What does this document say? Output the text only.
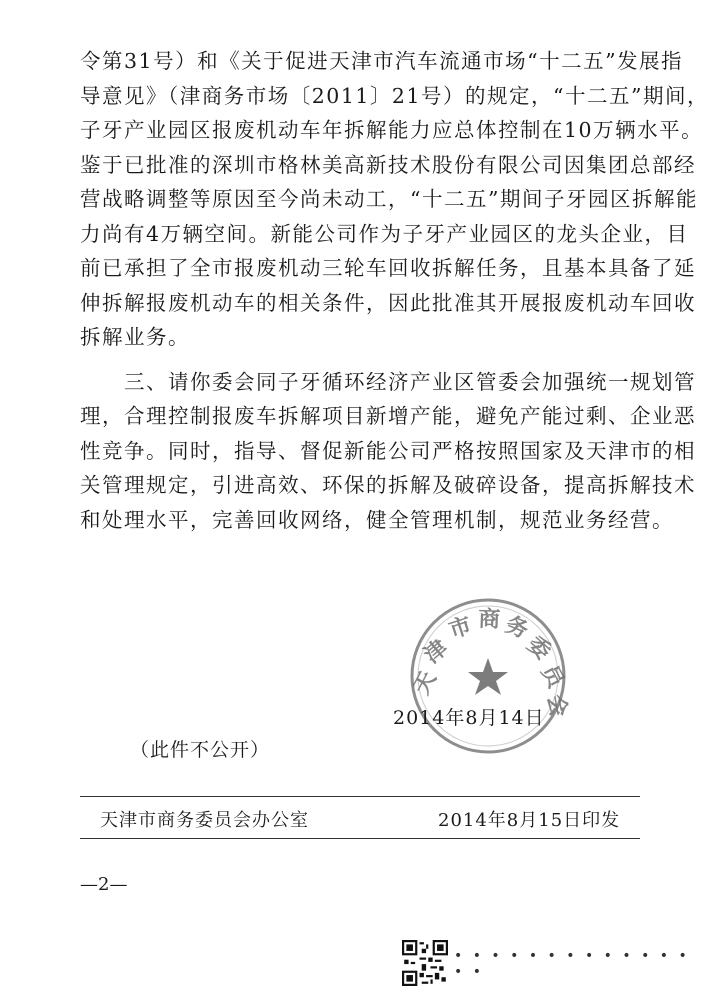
令第31号）和《关于促进天津市汽车流通市场“十二五”发展指
导意见》（津商务市场〔2011〕21号）的规定，“十二五”期间，
子牙产业园区报废机动车年拆解能力应总体控制在10万辆水平。
鉴于已批准的深圳市格林美高新技术股份有限公司因集团总部经
营战略调整等原因至今尚未动工，“十二五”期间子牙园区拆解能
力尚有4万辆空间。新能公司作为子牙产业园区的龙头企业，目
前已承担了全市报废机动三轮车回收拆解任务，且基本具备了延
伸拆解报废机动车的相关条件，因此批准其开展报废机动车回收
拆解业务。
　　三、请你委会同子牙循环经济产业区管委会加强统一规划管
理，合理控制报废车拆解项目新增产能，避免产能过剩、企业恶
性竞争。同时，指导、督促新能公司严格按照国家及天津市的相
关管理规定，引进高效、环保的拆解及破碎设备，提高拆解技术
和处理水平，完善回收网络，健全管理机制，规范业务经营。
天
津
市 商 务
委
员
会
2014年8月14日
（此件不公开）
天津市商务委员会办公室	2014年8月15日印发
—2—
• • • • • • • • • • • • • • •
